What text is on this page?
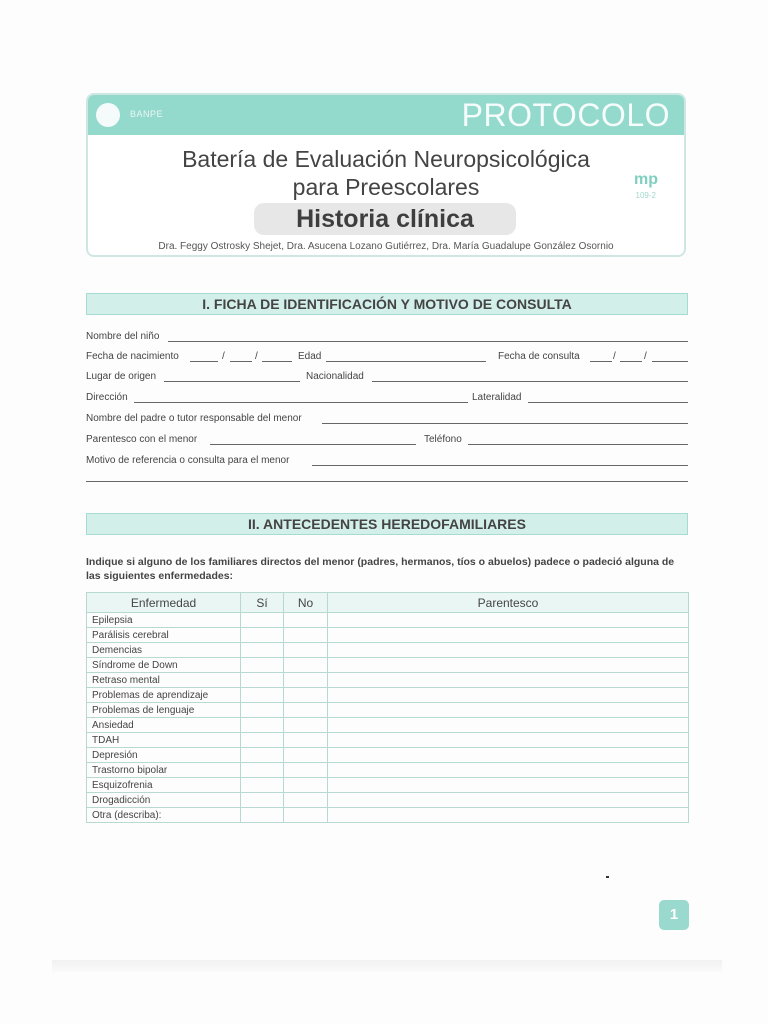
BANPE	PROTOCOLO
Batería de Evaluación Neuropsicológica
para Preescolares	mp
109-2
Historia clínica
Dra. Feggy Ostrosky Shejet, Dra. Asucena Lozano Gutiérrez, Dra. María Guadalupe González Osornio
I. FICHA DE IDENTIFICACIÓN Y MOTIVO DE CONSULTA
Nombre del niño
Fecha de nacimiento	/	/	Edad	Fecha de consulta	/	/
Lugar de origen	Nacionalidad
Dirección	Lateralidad
Nombre del padre o tutor responsable del menor
Parentesco con el menor	Teléfono
Motivo de referencia o consulta para el menor
II. ANTECEDENTES HEREDOFAMILIARES
Indique si alguno de los familiares directos del menor (padres, hermanos, tíos o abuelos) padece o padeció alguna de las siguientes enfermedades:
Enfermedad	Sí	No	Parentesco
Epilepsia			
Parálisis cerebral			
Demencias			
Síndrome de Down			
Retraso mental			
Problemas de aprendizaje			
Problemas de lenguaje			
Ansiedad			
TDAH			
Depresión			
Trastorno bipolar			
Esquizofrenia			
Drogadicción			
Otra (describa):			
1
